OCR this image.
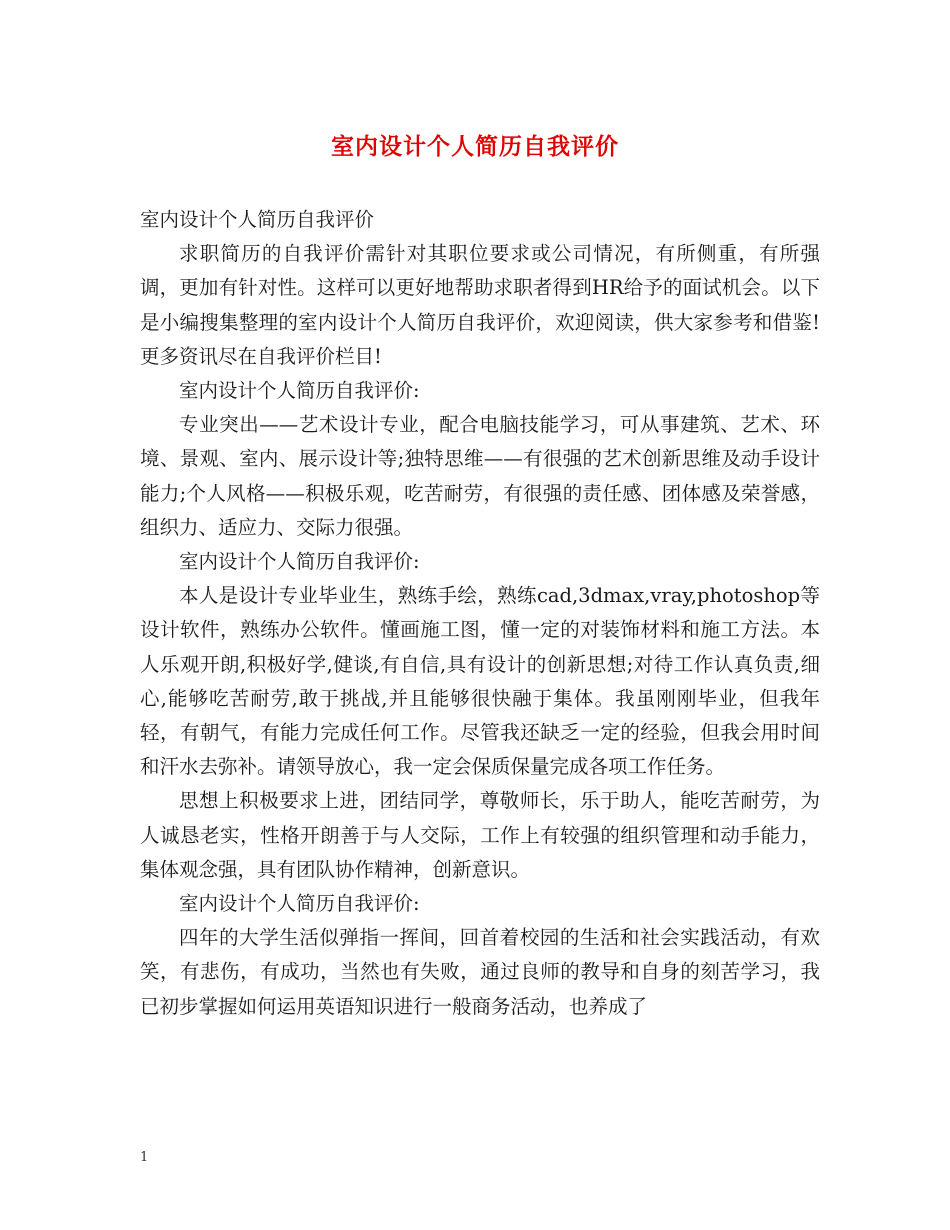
室内设计个人简历自我评价

室内设计个人简历自我评价

求职简历的自我评价需针对其职位要求或公司情况，有所侧重，有所强调，更加有针对性。这样可以更好地帮助求职者得到HR给予的面试机会。以下是小编搜集整理的室内设计个人简历自我评价，欢迎阅读，供大家参考和借鉴!更多资讯尽在自我评价栏目!

室内设计个人简历自我评价:

专业突出——艺术设计专业，配合电脑技能学习，可从事建筑、艺术、环境、景观、室内、展示设计等;独特思维——有很强的艺术创新思维及动手设计能力;个人风格——积极乐观，吃苦耐劳，有很强的责任感、团体感及荣誉感，组织力、适应力、交际力很强。

室内设计个人简历自我评价:

本人是设计专业毕业生，熟练手绘，熟练cad,3dmax,vray,photoshop等设计软件，熟练办公软件。懂画施工图，懂一定的对装饰材料和施工方法。本人乐观开朗,积极好学,健谈,有自信,具有设计的创新思想;对待工作认真负责,细心,能够吃苦耐劳,敢于挑战,并且能够很快融于集体。我虽刚刚毕业，但我年轻，有朝气，有能力完成任何工作。尽管我还缺乏一定的经验，但我会用时间和汗水去弥补。请领导放心，我一定会保质保量完成各项工作任务。

思想上积极要求上进，团结同学，尊敬师长，乐于助人，能吃苦耐劳，为人诚恳老实，性格开朗善于与人交际，工作上有较强的组织管理和动手能力，集体观念强，具有团队协作精神，创新意识。

室内设计个人简历自我评价:

四年的大学生活似弹指一挥间，回首着校园的生活和社会实践活动，有欢笑，有悲伤，有成功，当然也有失败，通过良师的教导和自身的刻苦学习，我已初步掌握如何运用英语知识进行一般商务活动，也养成了

1
